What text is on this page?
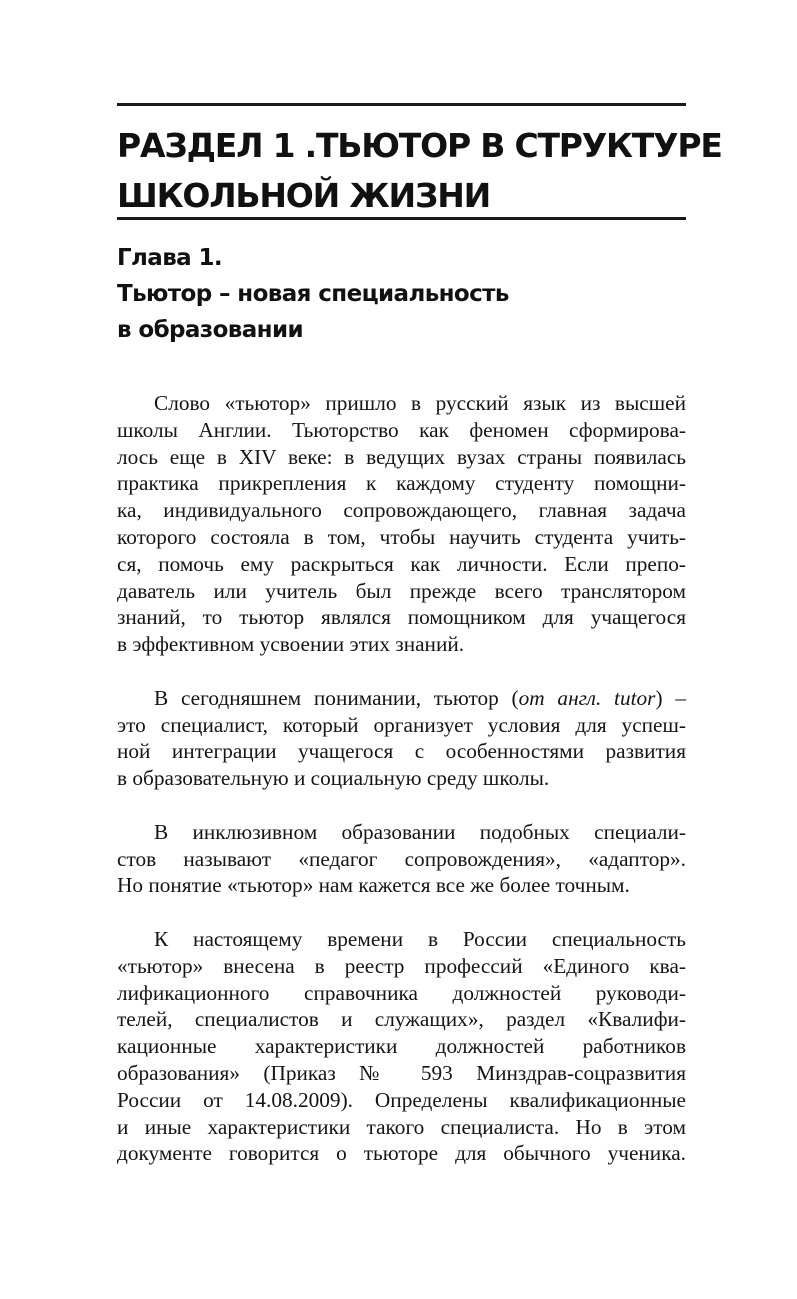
РАЗДЕЛ 1 .ТЬЮТОР В СТРУКТУРЕ
ШКОЛЬНОЙ ЖИЗНИ
Глава 1.
Тьютор – новая специальность
в образовании

Слово «тьютор» пришло в русский язык из высшей
школы Англии. Тьюторство как феномен сформирова-
лось еще в XIV веке: в ведущих вузах страны появилась
практика прикрепления к каждому студенту помощни-
ка, индивидуального сопровождающего, главная задача
которого состояла в том, чтобы научить студента учить-
ся, помочь ему раскрыться как личности. Если препо-
даватель или учитель был прежде всего транслятором
знаний, то тьютор являлся помощником для учащегося
в эффективном усвоении этих знаний.

В сегодняшнем понимании, тьютор (от англ. tutor) –
это специалист, который организует условия для успеш-
ной интеграции учащегося с особенностями развития
в образовательную и социальную среду школы.

В инклюзивном образовании подобных специали-
стов называют «педагог сопровождения», «адаптор».
Но понятие «тьютор» нам кажется все же более точным.

К настоящему времени в России специальность
«тьютор» внесена в реестр профессий «Единого ква-
лификационного справочника должностей руководи-
телей, специалистов и служащих», раздел «Квалифи-
кационные характеристики должностей работников
образования» (Приказ № 593 Минздрав-соцразвития
России от 14.08.2009). Определены квалификационные
и иные характеристики такого специалиста. Но в этом
документе говорится о тьюторе для обычного ученика.
